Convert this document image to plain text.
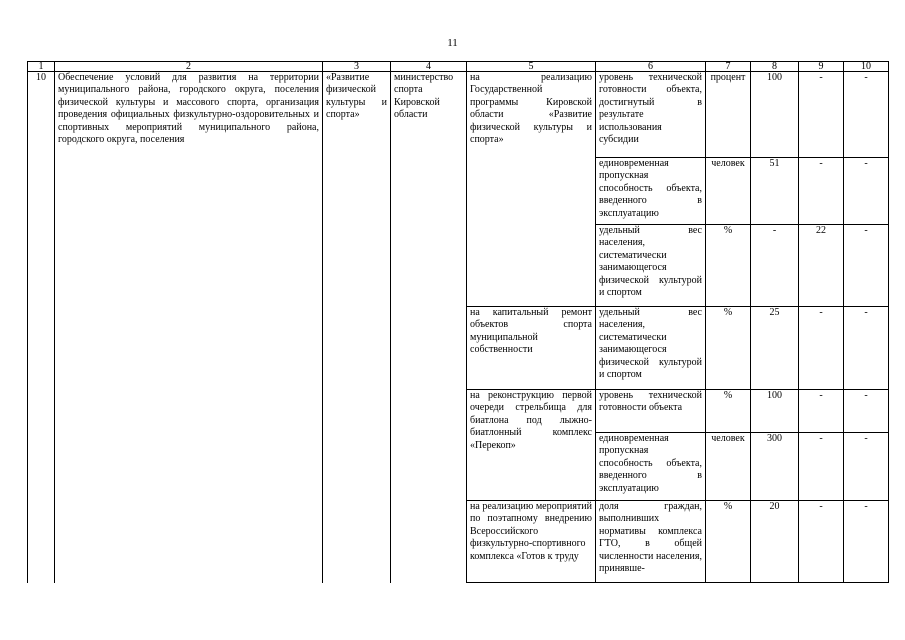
11
1	2	3	4	5	6	7	8	9	10
10	Обеспечение условий для развития на территории муниципального района, городского округа, поселения физической культуры и массового спорта, организация проведения официальных физкультурно-оздоровительных и спортивных мероприятий муниципального района, городского округа, поселения	«Развитие физической культуры и спорта»	министерство спорта Кировской области	на реализацию Государственной программы Кировской области «Развитие физической культуры и спорта»	уровень технической готовности объекта, достигнутый в результате использования субсидии	процент	100	-	-
					единовременная пропускная способность объекта, введенного в эксплуатацию	человек	51	-	-
					удельный вес населения, систематически занимающегося физической культурой и спортом	%	-	22	-
				на капитальный ремонт объектов спорта муниципальной собственности	удельный вес населения, систематически занимающегося физической культурой и спортом	%	25	-	-
				на реконструкцию первой очереди стрельбища для биатлона под лыжно-биатлонный комплекс «Перекоп»	уровень технической готовности объекта	%	100	-	-
					единовременная пропускная способность объекта, введенного в эксплуатацию	человек	300	-	-
				на реализацию мероприятий по поэтапному внедрению Всероссийского физкультурно-спортивного комплекса «Готов к труду	доля граждан, выполнивших нормативы комплекса ГТО, в общей численности населения, принявше-	%	20	-	-
